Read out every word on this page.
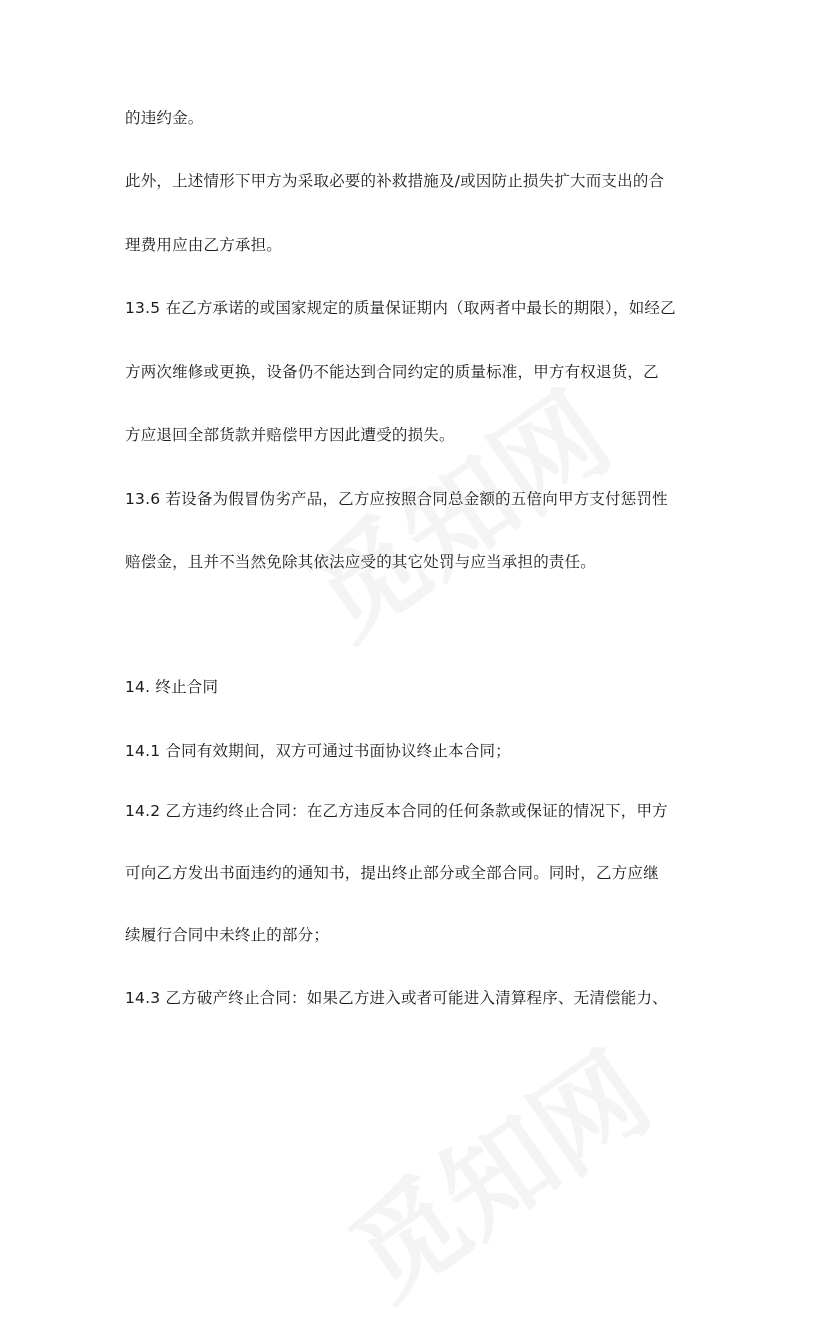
的违约金。
此外，上述情形下甲方为采取必要的补救措施及/或因防止损失扩大而支出的合
理费用应由乙方承担。
13.5 在乙方承诺的或国家规定的质量保证期内（取两者中最长的期限），如经乙
方两次维修或更换，设备仍不能达到合同约定的质量标准，甲方有权退货，乙
方应退回全部货款并赔偿甲方因此遭受的损失。
13.6 若设备为假冒伪劣产品，乙方应按照合同总金额的五倍向甲方支付惩罚性
赔偿金，且并不当然免除其依法应受的其它处罚与应当承担的责任。
14. 终止合同
14.1 合同有效期间，双方可通过书面协议终止本合同；
14.2 乙方违约终止合同：在乙方违反本合同的任何条款或保证的情况下，甲方
可向乙方发出书面违约的通知书，提出终止部分或全部合同。同时，乙方应继
续履行合同中未终止的部分；
14.3 乙方破产终止合同：如果乙方进入或者可能进入清算程序、无清偿能力、
